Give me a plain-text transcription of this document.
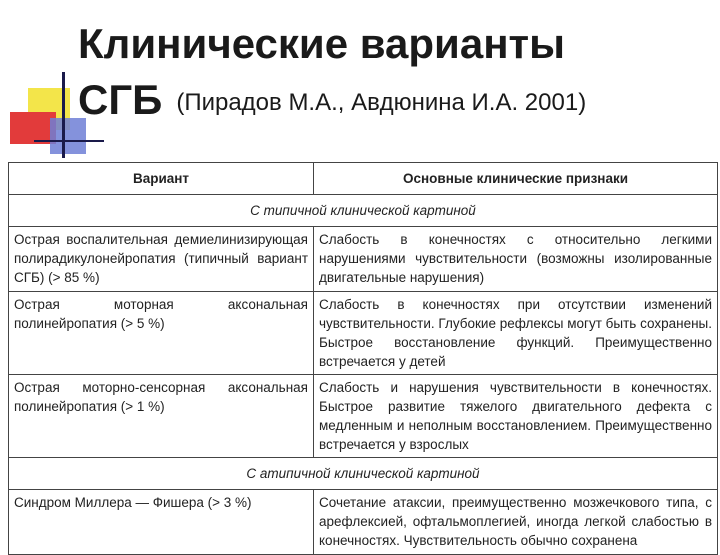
Клинические варианты
СГБ (Пирадов М.А., Авдюнина И.А. 2001)
Вариант	Основные клинические признаки
С типичной клинической картиной	
Острая воспалительная демиелинизирующая полирадикулонейропатия (типичный вариант СГБ) (> 85 %)	Слабость в конечностях с относительно легкими нарушениями чувствительности (возможны изолированные двигательные нарушения)
Острая моторная аксональная полинейропатия (> 5 %)	Слабость в конечностях при отсутствии изменений чувствительности. Глубокие рефлексы могут быть сохранены. Быстрое восстановление функций. Преимущественно встречается у детей
Острая моторно-сенсорная аксональная полинейропатия (> 1 %)	Слабость и нарушения чувствительности в конечностях. Быстрое развитие тяжелого двигательного дефекта с медленным и неполным восстановлением. Преимущественно встречается у взрослых
С атипичной клинической картиной	
Синдром Миллера — Фишера (> 3 %)	Сочетание атаксии, преимущественно мозжечкового типа, с арефлексией, офтальмоплегией, иногда легкой слабостью в конечностях. Чувствительность обычно сохранена
